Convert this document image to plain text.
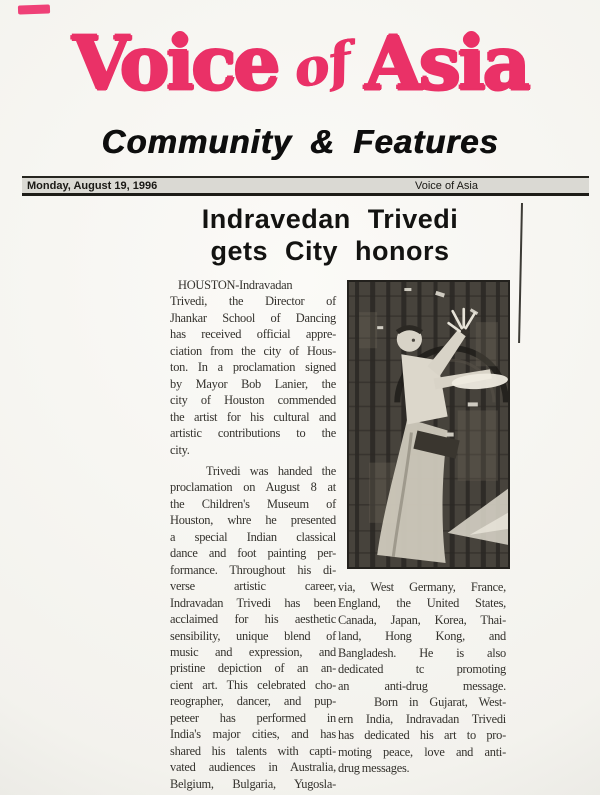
Voice of Asia
Community & Features
Monday, August 19, 1996	Voice of Asia
Indravedan Trivedi
gets City honors
HOUSTON-Indravadan
Trivedi, the Director of
Jhankar School of Dancing
has received official appre-
ciation from the city of Hous-
ton. In a proclamation signed
by Mayor Bob Lanier, the
city of Houston commended
the artist for his cultural and
artistic contributions to the
city.
Trivedi was handed the
proclamation on August 8 at
the Children's Museum of
Houston, whre he presented
a special Indian classical
dance and foot painting per-
formance. Throughout his di-
verse artistic career,
Indravadan Trivedi has been
acclaimed for his aesthetic
sensibility, unique blend of
music and expression, and
pristine depiction of an an-
cient art. This celebrated cho-
reographer, dancer, and pup-
peteer has performed in
India's major cities, and has
shared his talents with capti-
vated audiences in Australia,
Belgium, Bulgaria, Yugosla-
via, West Germany, France,
England, the United States,
Canada, Japan, Korea, Thai-
land, Hong Kong, and
Bangladesh. He is also
dedicated tc promoting
an anti-drug message.
Born in Gujarat, West-
ern India, Indravadan Trivedi
has dedicated his art to pro-
moting peace, love and anti-
drug messages.
